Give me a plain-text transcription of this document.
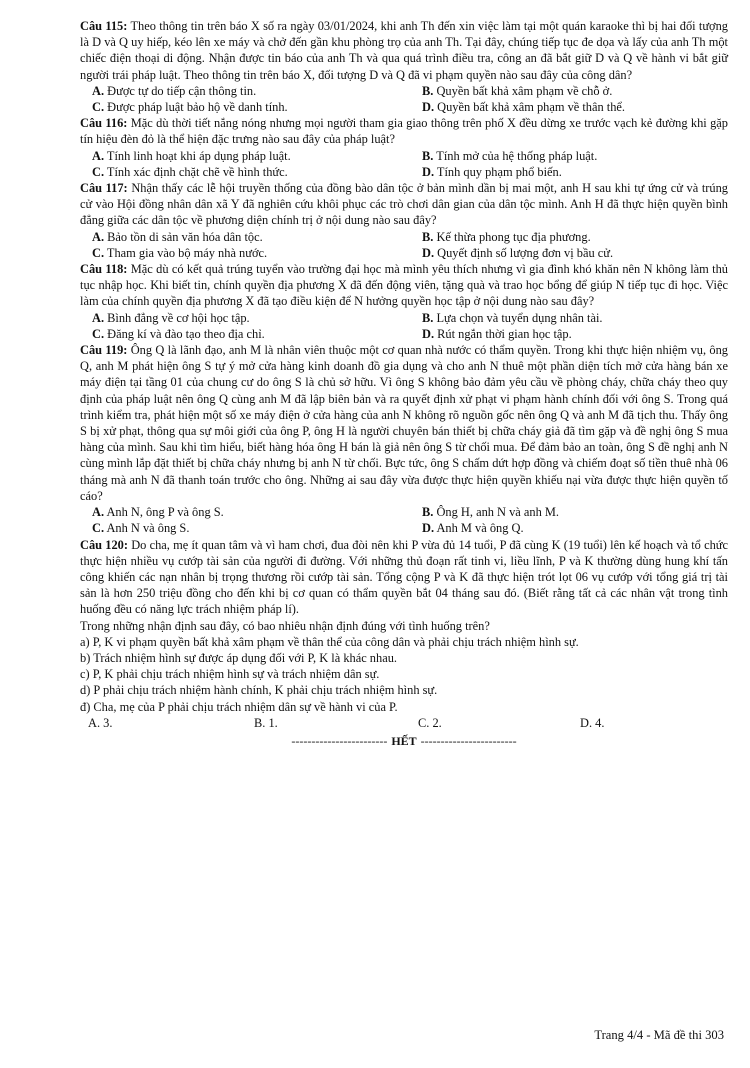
Câu 115: Theo thông tin trên báo X số ra ngày 03/01/2024, khi anh Th đến xin việc làm tại một quán karaoke thì bị hai đối tượng là D và Q uy hiếp, kéo lên xe máy và chở đến gần khu phòng trọ của anh Th. Tại đây, chúng tiếp tục đe dọa và lấy của anh Th một chiếc điện thoại di động. Nhận được tin báo của anh Th và qua quá trình điều tra, công an đã bắt giữ D và Q về hành vi bắt giữ người trái pháp luật. Theo thông tin trên báo X, đối tượng D và Q đã vi phạm quyền nào sau đây của công dân?

A. Được tự do tiếp cận thông tin.	B. Quyền bất khả xâm phạm về chỗ ở.
C. Được pháp luật bảo hộ về danh tính.	D. Quyền bất khả xâm phạm về thân thể.

Câu 116: Mặc dù thời tiết nắng nóng nhưng mọi người tham gia giao thông trên phố X đều dừng xe trước vạch kẻ đường khi gặp tín hiệu đèn đỏ là thể hiện đặc trưng nào sau đây của pháp luật?

A. Tính linh hoạt khi áp dụng pháp luật.	B. Tính mở của hệ thống pháp luật.
C. Tính xác định chặt chẽ về hình thức.	D. Tính quy phạm phổ biến.

Câu 117: Nhận thấy các lễ hội truyền thống của đồng bào dân tộc ở bản mình dần bị mai một, anh H sau khi tự ứng cử và trúng cử vào Hội đồng nhân dân xã Y đã nghiên cứu khôi phục các trò chơi dân gian của dân tộc mình. Anh H đã thực hiện quyền bình đẳng giữa các dân tộc về phương diện chính trị ở nội dung nào sau đây?

A. Bảo tồn di sản văn hóa dân tộc.	B. Kế thừa phong tục địa phương.
C. Tham gia vào bộ máy nhà nước.	D. Quyết định số lượng đơn vị bầu cử.

Câu 118: Mặc dù có kết quả trúng tuyển vào trường đại học mà mình yêu thích nhưng vì gia đình khó khăn nên N không làm thủ tục nhập học. Khi biết tin, chính quyền địa phương X đã đến động viên, tặng quà và trao học bổng để giúp N tiếp tục đi học. Việc làm của chính quyền địa phương X đã tạo điều kiện để N hưởng quyền học tập ở nội dung nào sau đây?

A. Bình đẳng về cơ hội học tập.	B. Lựa chọn và tuyển dụng nhân tài.
C. Đăng kí và đào tạo theo địa chỉ.	D. Rút ngắn thời gian học tập.

Câu 119: Ông Q là lãnh đạo, anh M là nhân viên thuộc một cơ quan nhà nước có thẩm quyền. Trong khi thực hiện nhiệm vụ, ông Q, anh M phát hiện ông S tự ý mở cửa hàng kinh doanh đồ gia dụng và cho anh N thuê một phần diện tích mở cửa hàng bán xe máy điện tại tầng 01 của chung cư do ông S là chủ sở hữu. Vì ông S không bảo đảm yêu cầu về phòng cháy, chữa cháy theo quy định của pháp luật nên ông Q cùng anh M đã lập biên bản và ra quyết định xử phạt vi phạm hành chính đối với ông S. Trong quá trình kiểm tra, phát hiện một số xe máy điện ở cửa hàng của anh N không rõ nguồn gốc nên ông Q và anh M đã tịch thu. Thấy ông S bị xử phạt, thông qua sự môi giới của ông P, ông H là người chuyên bán thiết bị chữa cháy giả đã tìm gặp và đề nghị ông S mua hàng của mình. Sau khi tìm hiểu, biết hàng hóa ông H bán là giả nên ông S từ chối mua. Để đảm bảo an toàn, ông S đề nghị anh N cùng mình lắp đặt thiết bị chữa cháy nhưng bị anh N từ chối. Bực tức, ông S chấm dứt hợp đồng và chiếm đoạt số tiền thuê nhà 06 tháng mà anh N đã thanh toán trước cho ông. Những ai sau đây vừa được thực hiện quyền khiếu nại vừa được thực hiện quyền tố cáo?

A. Anh N, ông P và ông S.	B. Ông H, anh N và anh M.
C. Anh N và ông S.	D. Anh M và ông Q.

Câu 120: Do cha, mẹ ít quan tâm và vì ham chơi, đua đòi nên khi P vừa đủ 14 tuổi, P đã cùng K (19 tuổi) lên kế hoạch và tổ chức thực hiện nhiều vụ cướp tài sản của người đi đường. Với những thủ đoạn rất tinh vi, liều lĩnh, P và K thường dùng hung khí tấn công khiến các nạn nhân bị trọng thương rồi cướp tài sản. Tổng cộng P và K đã thực hiện trót lọt 06 vụ cướp với tổng giá trị tài sản là hơn 250 triệu đồng cho đến khi bị cơ quan có thẩm quyền bắt 04 tháng sau đó. (Biết rằng tất cả các nhân vật trong tình huống đều có năng lực trách nhiệm pháp lí).

Trong những nhận định sau đây, có bao nhiêu nhận định đúng với tình huống trên?

a) P, K vi phạm quyền bất khả xâm phạm về thân thể của công dân và phải chịu trách nhiệm hình sự.

b) Trách nhiệm hình sự được áp dụng đối với P, K là khác nhau.

c) P, K phải chịu trách nhiệm hình sự và trách nhiệm dân sự.

d) P phải chịu trách nhiệm hành chính, K phải chịu trách nhiệm hình sự.

đ) Cha, mẹ của P phải chịu trách nhiệm dân sự về hành vi của P.

A. 3.	B. 1.	C. 2.	D. 4.
------------------------ HẾT ------------------------
Trang 4/4 - Mã đề thi 303
